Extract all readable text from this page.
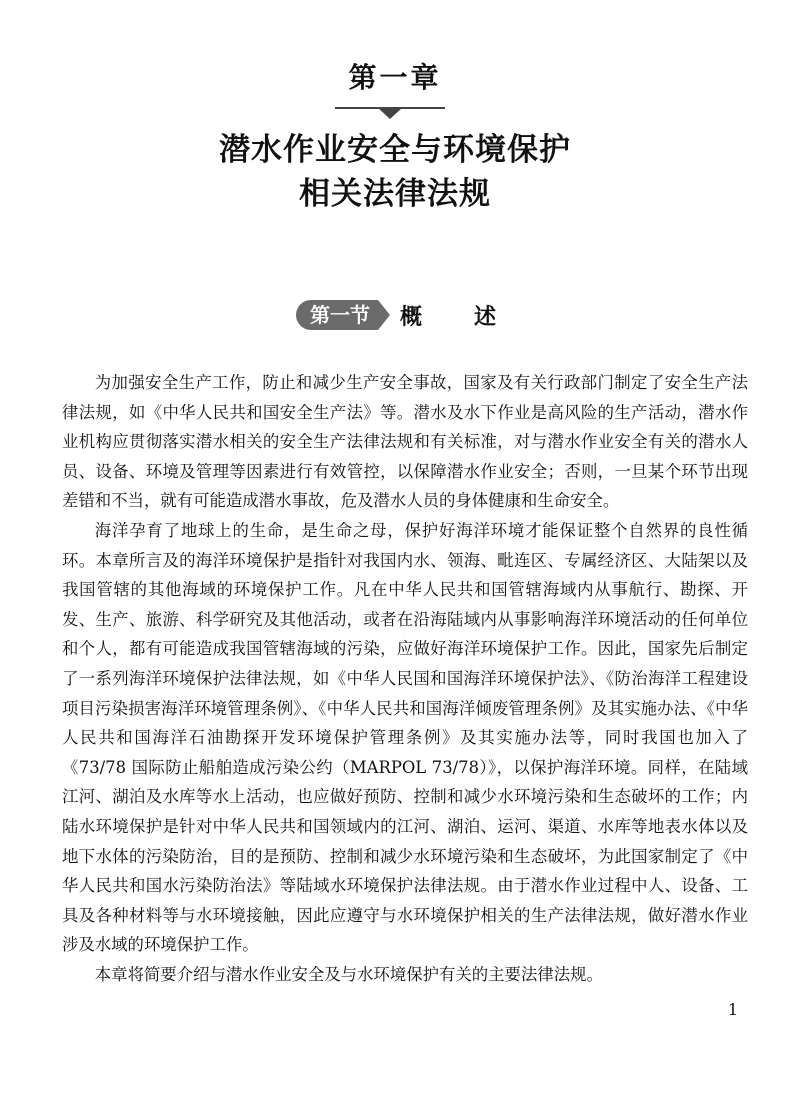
第一章
潜水作业安全与环境保护
相关法律法规
第一节	概述

为加强安全生产工作，防止和减少生产安全事故，国家及有关行政部门制定了安全生产法律法规，如《中华人民共和国安全生产法》等。潜水及水下作业是高风险的生产活动，潜水作业机构应贯彻落实潜水相关的安全生产法律法规和有关标准，对与潜水作业安全有关的潜水人员、设备、环境及管理等因素进行有效管控，以保障潜水作业安全；否则，一旦某个环节出现差错和不当，就有可能造成潜水事故，危及潜水人员的身体健康和生命安全。

海洋孕育了地球上的生命，是生命之母，保护好海洋环境才能保证整个自然界的良性循环。本章所言及的海洋环境保护是指针对我国内水、领海、毗连区、专属经济区、大陆架以及我国管辖的其他海域的环境保护工作。凡在中华人民共和国管辖海域内从事航行、勘探、开发、生产、旅游、科学研究及其他活动，或者在沿海陆域内从事影响海洋环境活动的任何单位和个人，都有可能造成我国管辖海域的污染，应做好海洋环境保护工作。因此，国家先后制定了一系列海洋环境保护法律法规，如《中华人民国和国海洋环境保护法》、《防治海洋工程建设项目污染损害海洋环境管理条例》、《中华人民共和国海洋倾废管理条例》及其实施办法、《中华人民共和国海洋石油勘探开发环境保护管理条例》及其实施办法等，同时我国也加入了《73/78 国际防止船舶造成污染公约（MARPOL 73/78）》，以保护海洋环境。同样，在陆域江河、湖泊及水库等水上活动，也应做好预防、控制和减少水环境污染和生态破坏的工作；内陆水环境保护是针对中华人民共和国领域内的江河、湖泊、运河、渠道、水库等地表水体以及地下水体的污染防治，目的是预防、控制和减少水环境污染和生态破坏，为此国家制定了《中华人民共和国水污染防治法》等陆域水环境保护法律法规。由于潜水作业过程中人、设备、工具及各种材料等与水环境接触，因此应遵守与水环境保护相关的生产法律法规，做好潜水作业涉及水域的环境保护工作。

本章将简要介绍与潜水作业安全及与水环境保护有关的主要法律法规。

1
